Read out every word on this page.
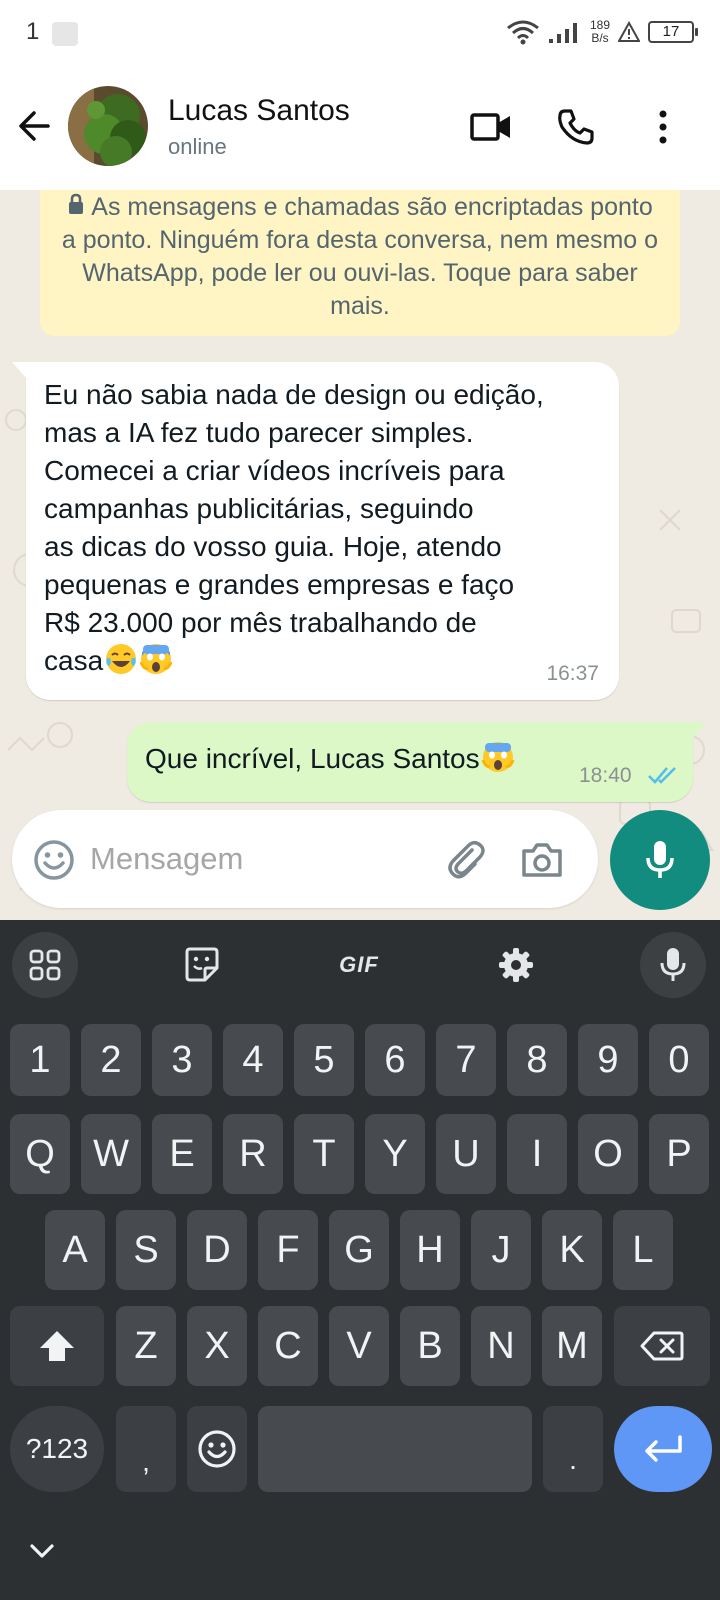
1	189
B/s	17
Lucas Santos
online
As mensagens e chamadas são encriptadas ponto a ponto. Ninguém fora desta conversa, nem mesmo o WhatsApp, pode ler ou ouvi-las. Toque para saber mais.
Eu não sabia nada de design ou edição,
mas a IA fez tudo parecer simples.
Comecei a criar vídeos incríveis para
campanhas publicitárias, seguindo
as dicas do vosso guia. Hoje, atendo
pequenas e grandes empresas e faço
R$ 23.000 por mês trabalhando de
casa	16:37
Que incrível, Lucas Santos
18:40
Mensagem
GIF
1	2	3	4	5	6	7	8	9	0
Q	W	E	R	T	Y	U	I	O	P
A	S	D	F	G	H	J	K	L
Z	X	C	V	B	N	M
?123	,	.
